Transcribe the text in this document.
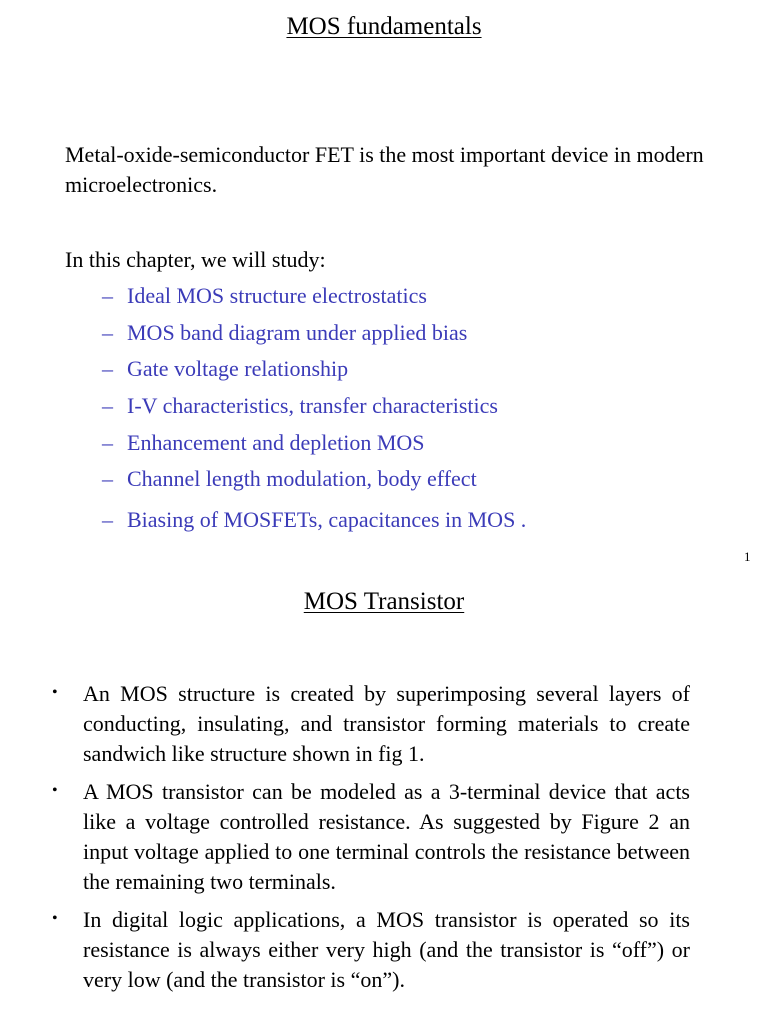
MOS fundamentals

Metal-oxide-semiconductor FET is the most important device in modern microelectronics.

In this chapter, we will study:

– Ideal MOS structure electrostatics
– MOS band diagram under applied bias
– Gate voltage relationship
– I-V characteristics, transfer characteristics
– Enhancement and depletion MOS
– Channel length modulation, body effect
– Biasing of MOSFETs, capacitances in MOS .
1
MOS Transistor
• An MOS structure is created by superimposing several layers of conducting, insulating, and transistor forming materials to create sandwich like structure shown in fig 1.
• A MOS transistor can be modeled as a 3-terminal device that acts like a voltage controlled resistance. As suggested by Figure 2 an input voltage applied to one terminal controls the resistance between the remaining two terminals.
• In digital logic applications, a MOS transistor is operated so its resistance is always either very high (and the transistor is “off”) or very low (and the transistor is “on”).
